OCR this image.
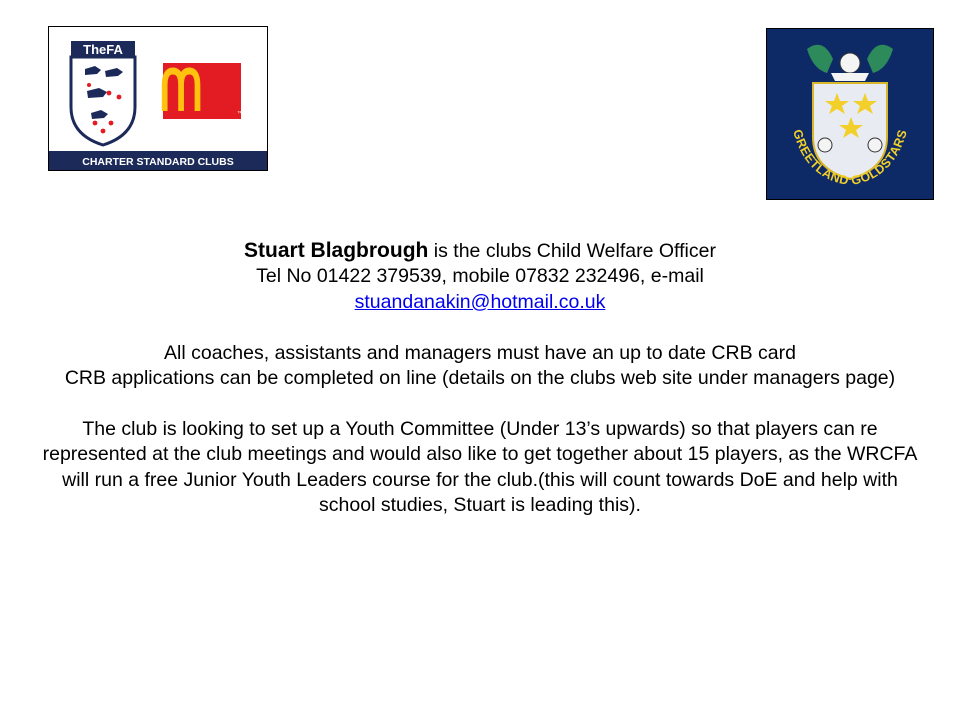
TheFA
™
CHARTER STANDARD CLUBS
GREETLAND GOLDSTARS

Stuart Blagbrough is the clubs Child Welfare Officer

Tel No 01422 379539, mobile 07832 232496, e-mail

stuandanakin@hotmail.co.uk

All coaches, assistants and managers must have an up to date CRB card

CRB applications can be completed on line (details on the clubs web site under managers page)

The club is looking to set up a Youth Committee (Under 13’s upwards) so that players can re represented at the club meetings and would also like to get together about 15 players, as the WRCFA will run a free Junior Youth Leaders course for the club.(this will count towards DoE and help with school studies, Stuart is leading this).
